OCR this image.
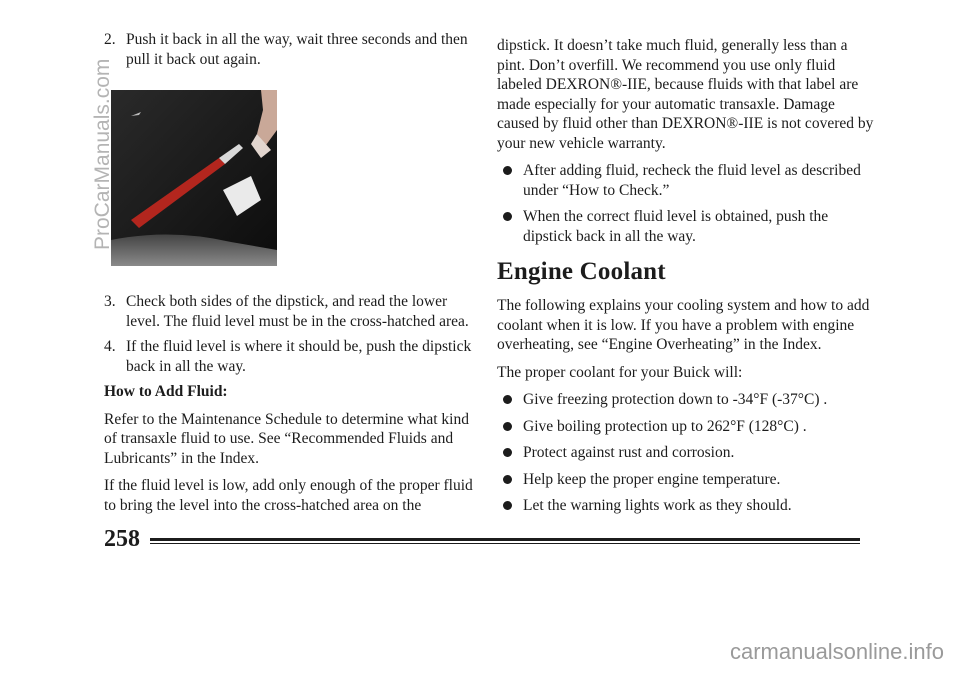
2. Push it back in all the way, wait three seconds and then pull it back out again.

3. Check both sides of the dipstick, and read the lower level. The fluid level must be in the cross-hatched area.

4. If the fluid level is where it should be, push the dipstick back in all the way.

How to Add Fluid:

Refer to the Maintenance Schedule to determine what kind of transaxle fluid to use. See “Recommended Fluids and Lubricants” in the Index.

If the fluid level is low, add only enough of the proper fluid to bring the level into the cross-hatched area on the

dipstick. It doesn’t take much fluid, generally less than a pint. Don’t overfill. We recommend you use only fluid labeled DEXRON®-IIE, because fluids with that label are made especially for your automatic transaxle. Damage caused by fluid other than DEXRON®-IIE is not covered by your new vehicle warranty.

After adding fluid, recheck the fluid level as described under “How to Check.”

When the correct fluid level is obtained, push the dipstick back in all the way.

Engine Coolant

The following explains your cooling system and how to add coolant when it is low. If you have a problem with engine overheating, see “Engine Overheating” in the Index.

The proper coolant for your Buick will:

Give freezing protection down to -34°F (-37°C) .

Give boiling protection up to 262°F (128°C) .

Protect against rust and corrosion.

Help keep the proper engine temperature.

Let the warning lights work as they should.

258
ProCarManuals.com
carmanualsonline.info
